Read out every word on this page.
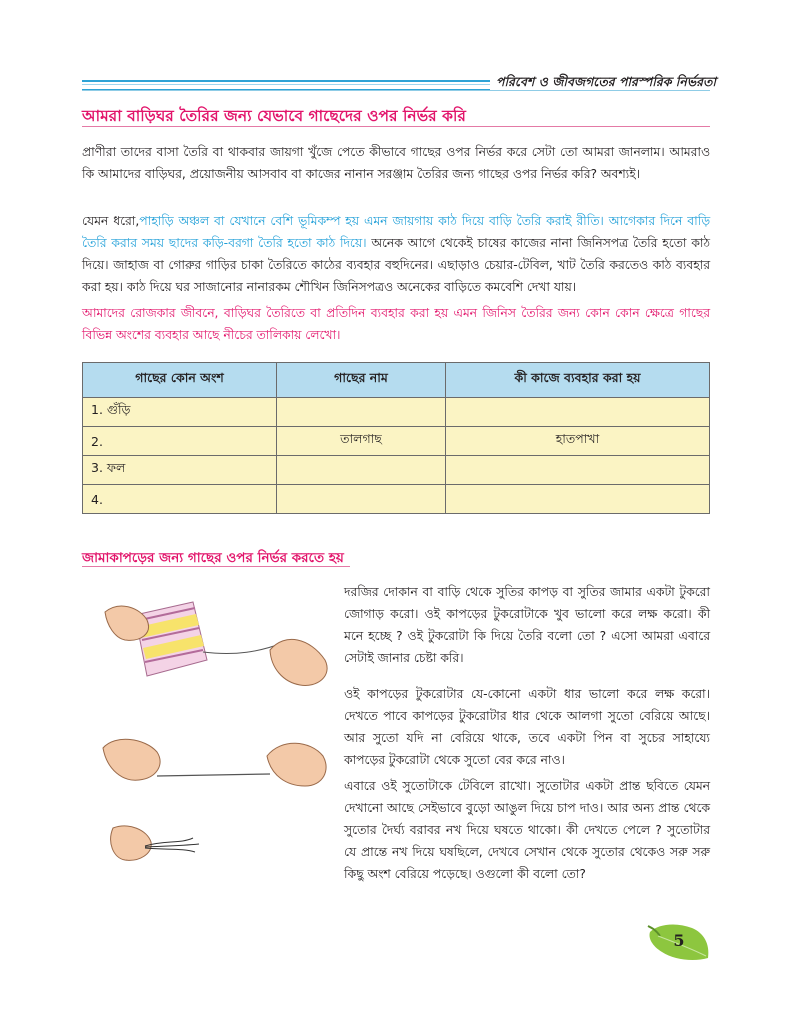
পরিবেশ ও জীবজগতের পারস্পরিক নির্ভরতা
আমরা বাড়িঘর তৈরির জন্য যেভাবে গাছেদের ওপর নির্ভর করি
প্রাণীরা তাদের বাসা তৈরি বা থাকবার জায়গা খুঁজে পেতে কীভাবে গাছের ওপর নির্ভর করে সেটা তো আমরা জানলাম। আমরাও কি আমাদের বাড়িঘর, প্রয়োজনীয় আসবাব বা কাজের নানান সরঞ্জাম তৈরির জন্য গাছের ওপর নির্ভর করি? অবশ্যই।
যেমন ধরো,পাহাড়ি অঞ্চল বা যেখানে বেশি ভূমিকম্প হয় এমন জায়গায় কাঠ দিয়ে বাড়ি তৈরি করাই রীতি। আগেকার দিনে বাড়ি তৈরি করার সময় ছাদের কড়ি-বরগা তৈরি হতো কাঠ দিয়ে। অনেক আগে থেকেই চাষের কাজের নানা জিনিসপত্র তৈরি হতো কাঠ দিয়ে। জাহাজ বা গোরুর গাড়ির চাকা তৈরিতে কাঠের ব্যবহার বহুদিনের। এছাড়াও চেয়ার-টেবিল, খাট তৈরি করতেও কাঠ ব্যবহার করা হয়। কাঠ দিয়ে ঘর সাজানোর নানারকম শৌখিন জিনিসপত্রও অনেকের বাড়িতে কমবেশি দেখা যায়।
আমাদের রোজকার জীবনে, বাড়িঘর তৈরিতে বা প্রতিদিন ব্যবহার করা হয় এমন জিনিস তৈরির জন্য কোন কোন ক্ষেত্রে গাছের বিভিন্ন অংশের ব্যবহার আছে নীচের তালিকায় লেখো।
গাছের কোন অংশ	গাছের নাম	কী কাজে ব্যবহার করা হয়
1. গুঁড়ি		
2.	তালগাছ	হাতপাখা
3. ফল		
4.		
জামাকাপড়ের জন্য গাছের ওপর নির্ভর করতে হয়
দরজির দোকান বা বাড়ি থেকে সুতির কাপড় বা সুতির জামার একটা টুকরো জোগাড় করো। ওই কাপড়ের টুকরোটাকে খুব ভালো করে লক্ষ করো। কী মনে হচ্ছে ? ওই টুকরোটা কি দিয়ে তৈরি বলো তো ? এসো আমরা এবারে সেটাই জানার চেষ্টা করি।
ওই কাপড়ের টুকরোটার যে-কোনো একটা ধার ভালো করে লক্ষ করো। দেখতে পাবে কাপড়ের টুকরোটার ধার থেকে আলগা সুতো বেরিয়ে আছে। আর সুতো যদি না বেরিয়ে থাকে, তবে একটা পিন বা সুচের সাহায্যে কাপড়ের টুকরোটা থেকে সুতো বের করে নাও।
এবারে ওই সুতোটাকে টেবিলে রাখো। সুতোটার একটা প্রান্ত ছবিতে যেমন দেখানো আছে সেইভাবে বুড়ো আঙুল দিয়ে চাপ দাও। আর অন্য প্রান্ত থেকে সুতোর দৈর্ঘ্য বরাবর নখ দিয়ে ঘষতে থাকো। কী দেখতে পেলে ? সুতোটার যে প্রান্তে নখ দিয়ে ঘষছিলে, দেখবে সেখান থেকে সুতোর থেকেও সরু সরু কিছু অংশ বেরিয়ে পড়েছে। ওগুলো কী বলো তো?
5
